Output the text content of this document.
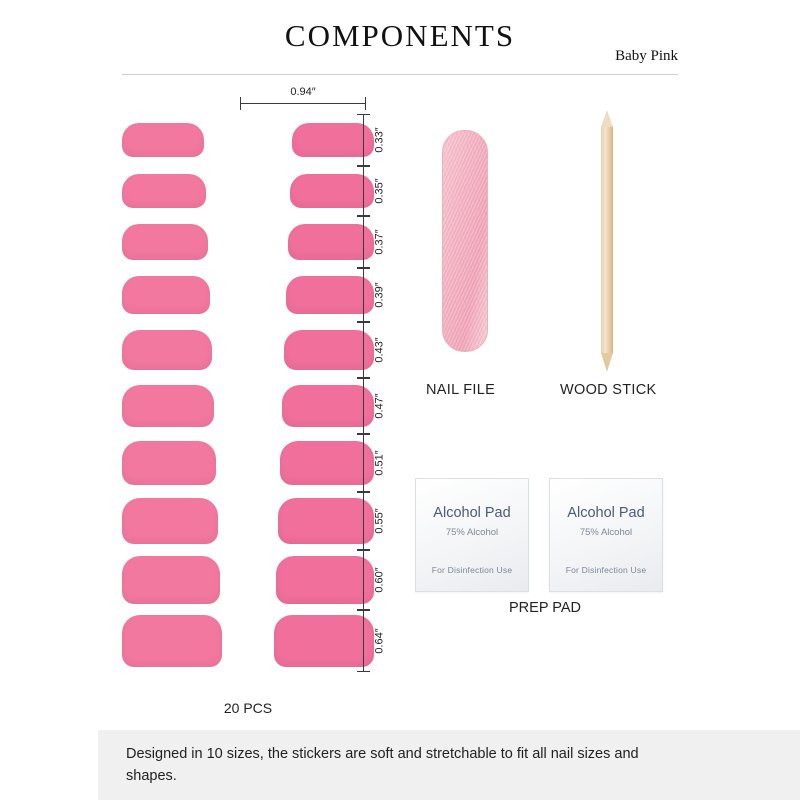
COMPONENTS
Baby Pink
0.94″
0.33″
0.35″
0.37″
0.39″
0.43″
0.47″
0.51″
0.55″
0.60″
0.64″
20 PCS
NAIL FILE	WOOD STICK
Alcohol Pad
75% Alcohol
For Disinfection Use
Alcohol Pad
75% Alcohol
For Disinfection Use
PREP PAD
Designed in 10 sizes, the stickers are soft and stretchable to fit all nail sizes and shapes.
